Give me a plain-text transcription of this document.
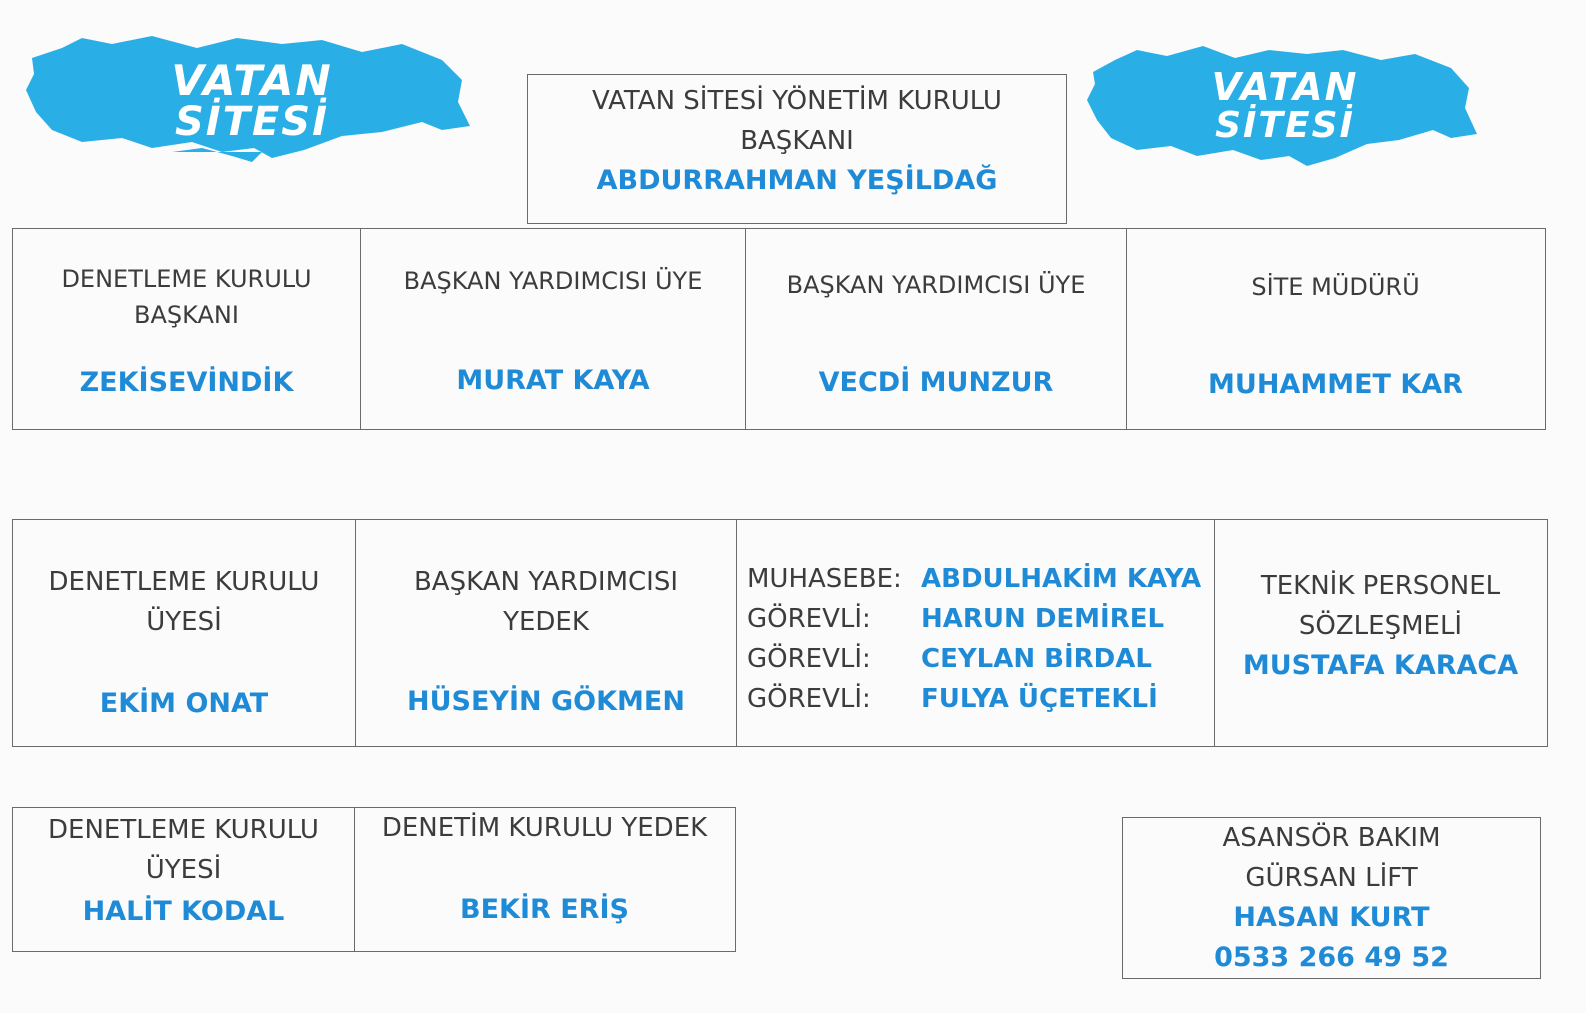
VATAN
SİTESİ
VATAN
SİTESİ
VATAN SİTESİ YÖNETİM KURULU
BAŞKANI
ABDURRAHMAN YEŞİLDAĞ
DENETLEME KURULU
BAŞKANI
ZEKİSEVİNDİK
BAŞKAN YARDIMCISI ÜYE
MURAT KAYA
BAŞKAN YARDIMCISI ÜYE
VECDİ MUNZUR
SİTE MÜDÜRÜ
MUHAMMET KAR
DENETLEME KURULU
ÜYESİ
EKİM ONAT
BAŞKAN YARDIMCISI
YEDEK
HÜSEYİN GÖKMEN
MUHASEBE: ABDULHAKİM KAYA
GÖREVLİ: HARUN DEMİREL
GÖREVLİ: CEYLAN BİRDAL
GÖREVLİ: FULYA ÜÇETEKLİ
TEKNİK PERSONEL
SÖZLEŞMELİ
MUSTAFA KARACA
DENETLEME KURULU
ÜYESİ
HALİT KODAL
DENETİM KURULU YEDEK
BEKİR ERİŞ
ASANSÖR BAKIM
GÜRSAN LİFT
HASAN KURT
0533 266 49 52
